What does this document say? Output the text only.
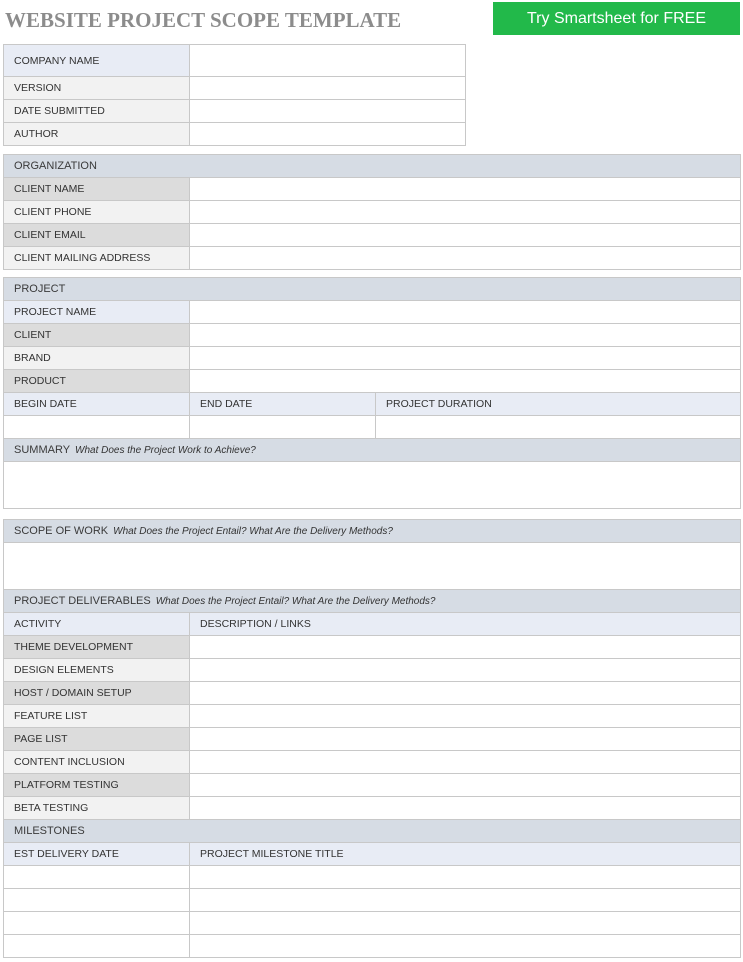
WEBSITE PROJECT SCOPE TEMPLATE	Try Smartsheet for FREE
COMPANY NAME	
VERSION	
DATE SUBMITTED	
AUTHOR	
ORGANIZATION		
CLIENT NAME		
CLIENT PHONE		
CLIENT EMAIL		
CLIENT MAILING ADDRESS		

PROJECT		
PROJECT NAME		
CLIENT		
BRAND		
PRODUCT		
BEGIN DATE	END DATE	PROJECT DURATION

SUMMARY What Does the Project Work to Achieve?		

SCOPE OF WORK What Does the Project Entail? What Are the Delivery Methods?	

PROJECT DELIVERABLES What Does the Project Entail? What Are the Delivery Methods?	
ACTIVITY	DESCRIPTION / LINKS
THEME DEVELOPMENT	
DESIGN ELEMENTS	
HOST / DOMAIN SETUP	
FEATURE LIST	
PAGE LIST	
CONTENT INCLUSION	
PLATFORM TESTING	
BETA TESTING	
MILESTONES	
EST DELIVERY DATE	PROJECT MILESTONE TITLE
